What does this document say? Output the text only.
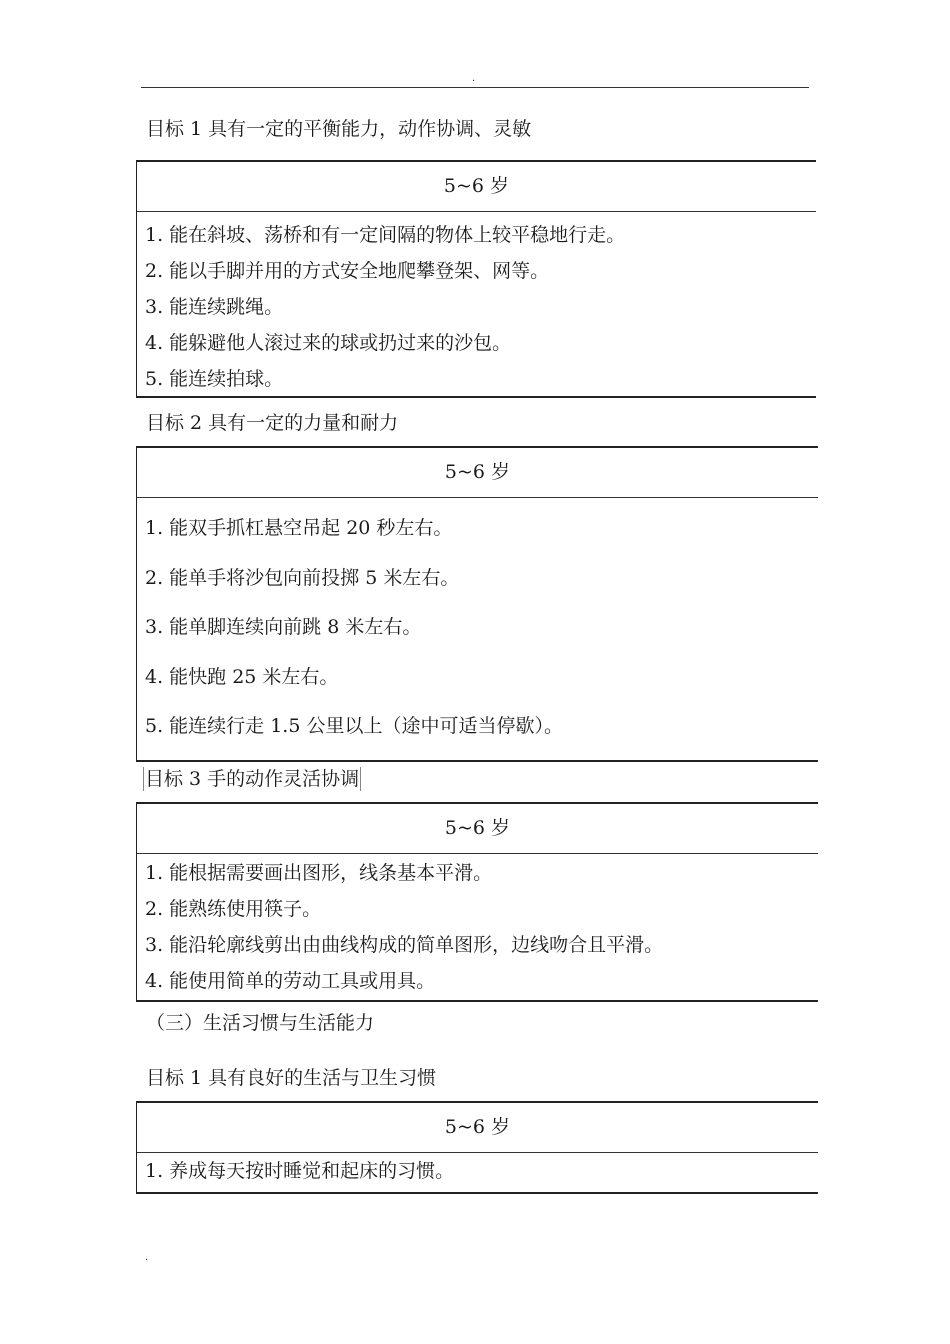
.
目标 1 具有一定的平衡能力，动作协调、灵敏
5~6 岁
1. 能在斜坡、荡桥和有一定间隔的物体上较平稳地行走。
2. 能以手脚并用的方式安全地爬攀登架、网等。
3. 能连续跳绳。
4. 能躲避他人滚过来的球或扔过来的沙包。
5. 能连续拍球。
目标 2 具有一定的力量和耐力
5~6 岁
1. 能双手抓杠悬空吊起 20 秒左右。
2. 能单手将沙包向前投掷 5 米左右。
3. 能单脚连续向前跳 8 米左右。
4. 能快跑 25 米左右。
5. 能连续行走 1.5 公里以上（途中可适当停歇）。
目标 3 手的动作灵活协调
5~6 岁
1. 能根据需要画出图形，线条基本平滑。
2. 能熟练使用筷子。
3. 能沿轮廓线剪出由曲线构成的简单图形，边线吻合且平滑。
4. 能使用简单的劳动工具或用具。
（三）生活习惯与生活能力
目标 1 具有良好的生活与卫生习惯
5~6 岁
1. 养成每天按时睡觉和起床的习惯。
.
